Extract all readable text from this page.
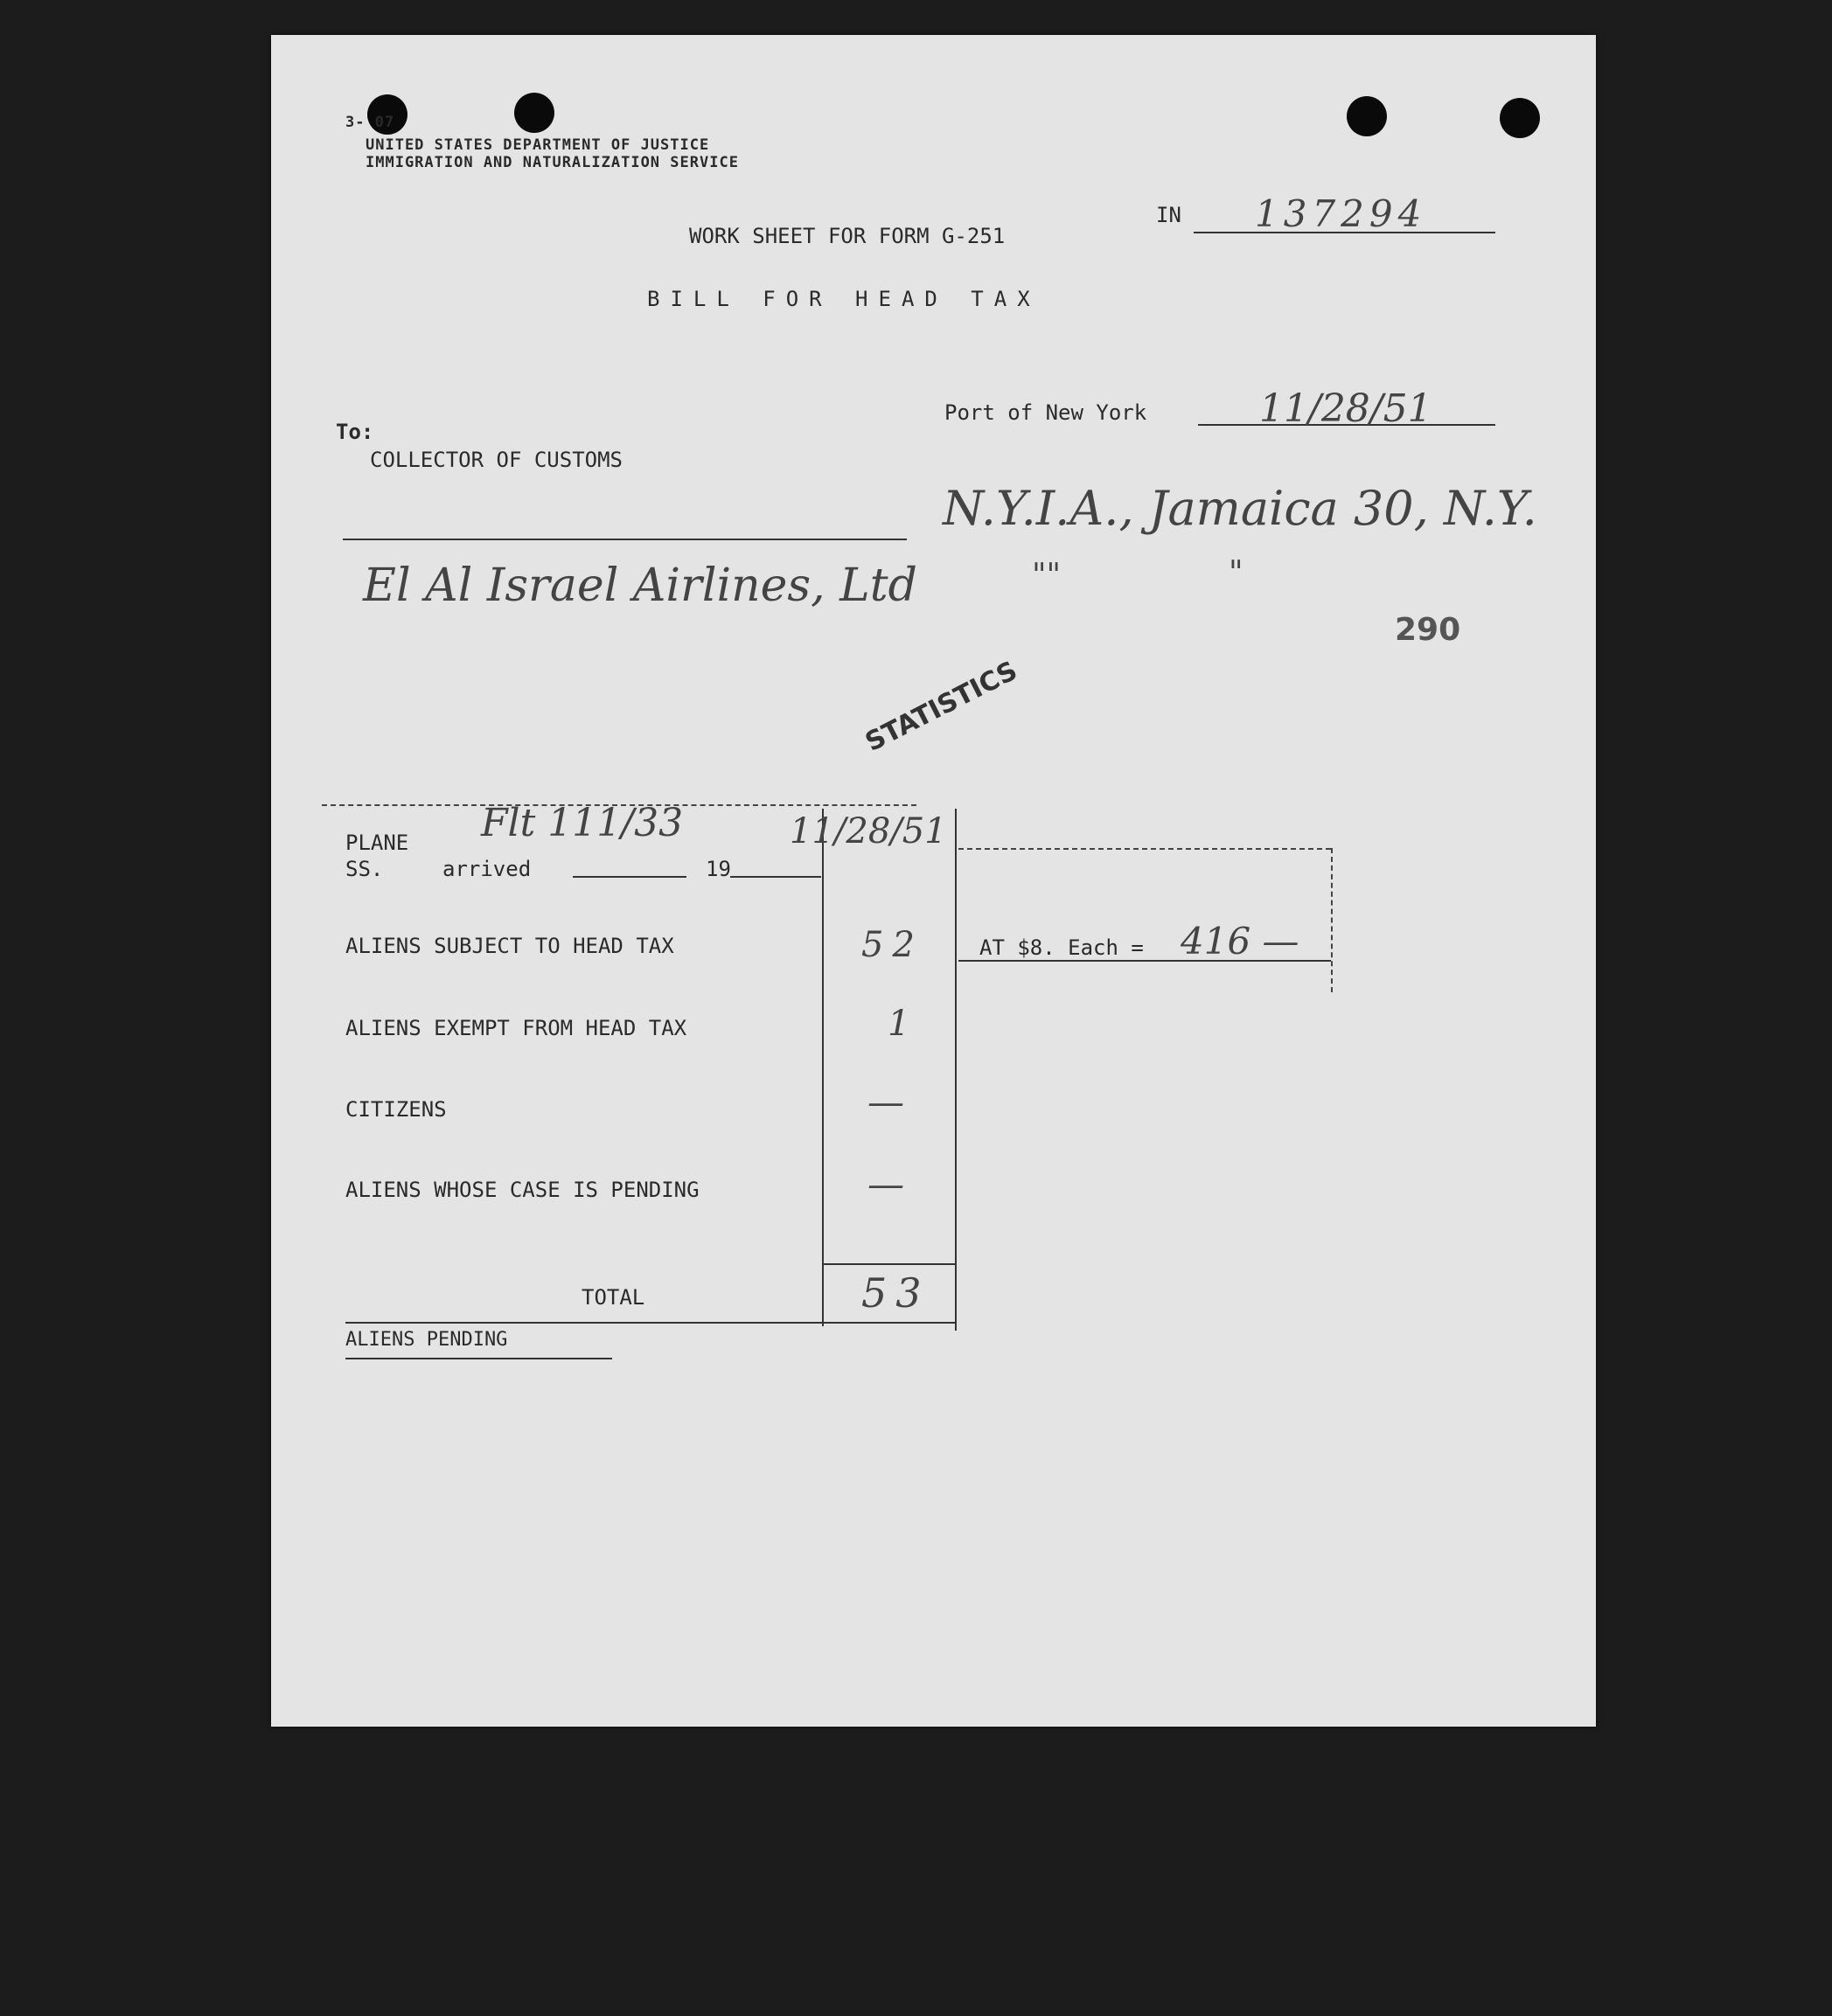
3- 07
UNITED STATES DEPARTMENT OF JUSTICE
IMMIGRATION AND NATURALIZATION SERVICE
IN 137294
WORK SHEET FOR FORM G-251
BILL FOR HEAD TAX
Port of New York	11/28/51
To:
COLLECTOR OF CUSTOMS
N.Y.I.A., Jamaica 30, N.Y.
El Al Israel Airlines, Ltd	""	"
290
STATISTICS
PLANE
SS.	arrived	19
Flt 111/33	11/28/51
ALIENS SUBJECT TO HEAD TAX	52	AT $8. Each = 416 —
ALIENS EXEMPT FROM HEAD TAX	1
CITIZENS	—
ALIENS WHOSE CASE IS PENDING	—
TOTAL	53
ALIENS PENDING
